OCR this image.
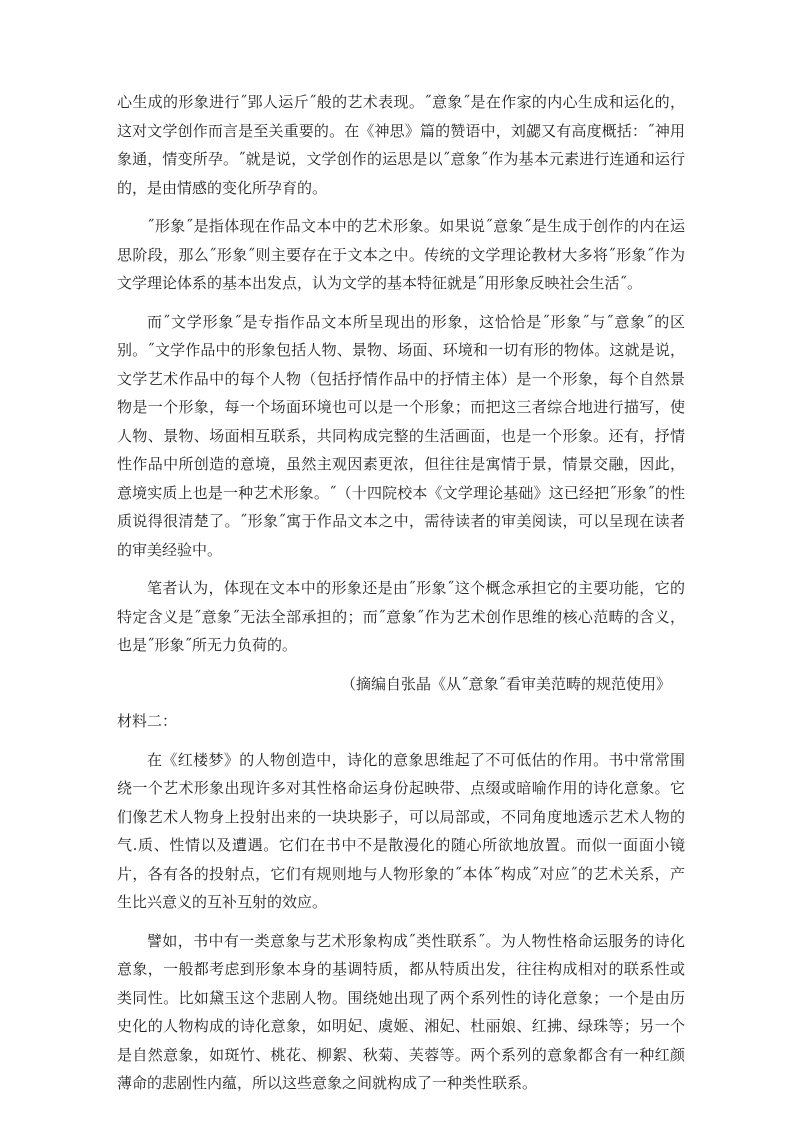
心生成的形象进行˝郢人运斤˝般的艺术表现。˝意象˝是在作家的内心生成和运化的，这对文学创作而言是至关重要的。在《神思》篇的赞语中，刘勰又有高度概括：˝神用象通，情变所孕。˝就是说，文学创作的运思是以˝意象˝作为基本元素进行连通和运行的，是由情感的变化所孕育的。

˝形象˝是指体现在作品文本中的艺术形象。如果说˝意象˝是生成于创作的内在运思阶段，那么˝形象˝则主要存在于文本之中。传统的文学理论教材大多将˝形象˝作为文学理论体系的基本出发点，认为文学的基本特征就是˝用形象反映社会生活˝。

而˝文学形象˝是专指作品文本所呈现出的形象，这恰恰是˝形象˝与˝意象˝的区别。˝文学作品中的形象包括人物、景物、场面、环境和一切有形的物体。这就是说，文学艺术作品中的每个人物（包括抒情作品中的抒情主体）是一个形象，每个自然景物是一个形象，每一个场面环境也可以是一个形象；而把这三者综合地进行描写，使人物、景物、场面相互联系，共同构成完整的生活画面，也是一个形象。还有，抒情性作品中所创造的意境，虽然主观因素更浓，但往往是寓情于景，情景交融，因此，意境实质上也是一种艺术形象。˝（十四院校本《文学理论基础》这已经把˝形象˝的性质说得很清楚了。˝形象˝寓于作品文本之中，需待读者的审美阅读，可以呈现在读者的审美经验中。

笔者认为，体现在文本中的形象还是由˝形象˝这个概念承担它的主要功能，它的特定含义是˝意象˝无法全部承担的；而˝意象˝作为艺术创作思维的核心范畴的含义，也是˝形象˝所无力负荷的。

（摘编自张晶《从˝意象˝看审美范畴的规范使用》

材料二：

在《红楼梦》的人物创造中，诗化的意象思维起了不可低估的作用。书中常常围绕一个艺术形象出现许多对其性格命运身份起映带、点缀或暗喻作用的诗化意象。它们像艺术人物身上投射出来的一块块影子，可以局部或，不同角度地透示艺术人物的气.质、性情以及遭遇。它们在书中不是散漫化的随心所欲地放置。而似一面面小镜片，各有各的投射点，它们有规则地与人物形象的˝本体˝构成˝对应˝的艺术关系，产生比兴意义的互补互射的效应。

譬如，书中有一类意象与艺术形象构成˝类性联系˝。为人物性格命运服务的诗化意象，一般都考虑到形象本身的基调特质，都从特质出发，往往构成相对的联系性或类同性。比如黛玉这个悲剧人物。围绕她出现了两个系列性的诗化意象；一个是由历 史化的人物构成的诗化意象，如明妃、虞姬、湘妃、杜丽娘、红拂、绿珠等；另一个是自然意象，如斑竹、桃花、柳絮、秋菊、芙蓉等。两个系列的意象都含有一种红颜薄命的悲剧性内蕴，所以这些意象之间就构成了一种类性联系。
